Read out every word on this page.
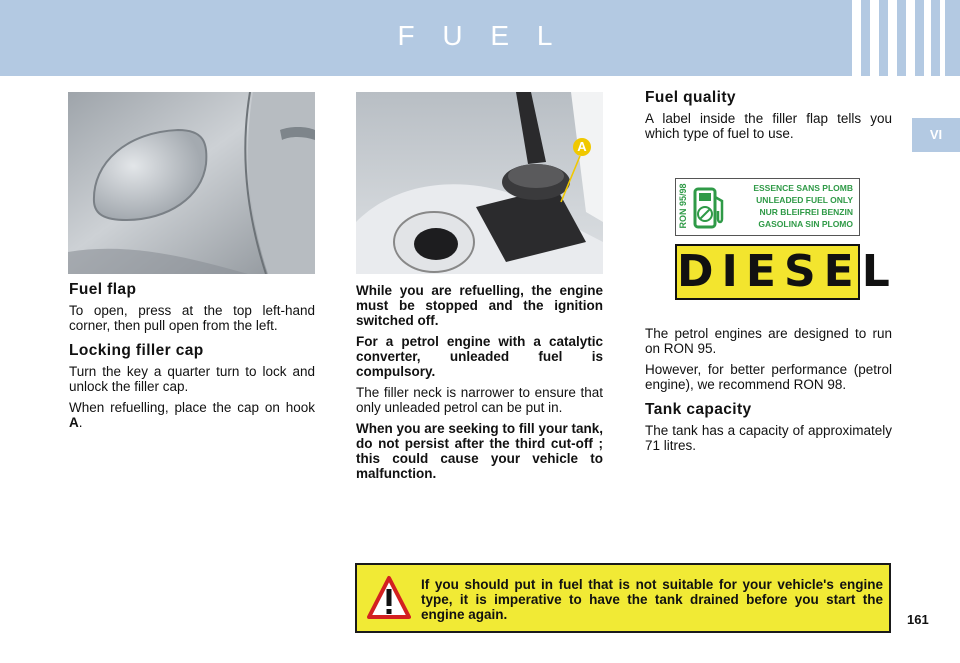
F U E L
VI
A
Fuel flap

To open, press at the top left-hand corner, then pull open from the left.

Locking filler cap

Turn the key a quarter turn to lock and unlock the filler cap.

When refuelling, place the cap on hook A.

While you are refuelling, the engine must be stopped and the ignition switched off.

For a petrol engine with a catalytic converter, unleaded fuel is compulsory.

The filler neck is narrower to ensure that only unleaded petrol can be put in.

When you are seeking to fill your tank, do not persist after the third cut-off ; this could cause your vehicle to malfunction.

Fuel quality

A label inside the filler flap tells you which type of fuel to use.

RON 95/98	ESSENCE SANS PLOMB
UNLEADED FUEL ONLY
NUR BLEIFREI BENZIN
GASOLINA SIN PLOMO
DIESEL

The petrol engines are designed to run on RON 95.

However, for better performance (petrol engine), we recommend RON 98.

Tank capacity

The tank has a capacity of approximately 71 litres.

If you should put in fuel that is not suitable for your vehicle's engine type, it is imperative to have the tank drained before you start the engine again.	161
